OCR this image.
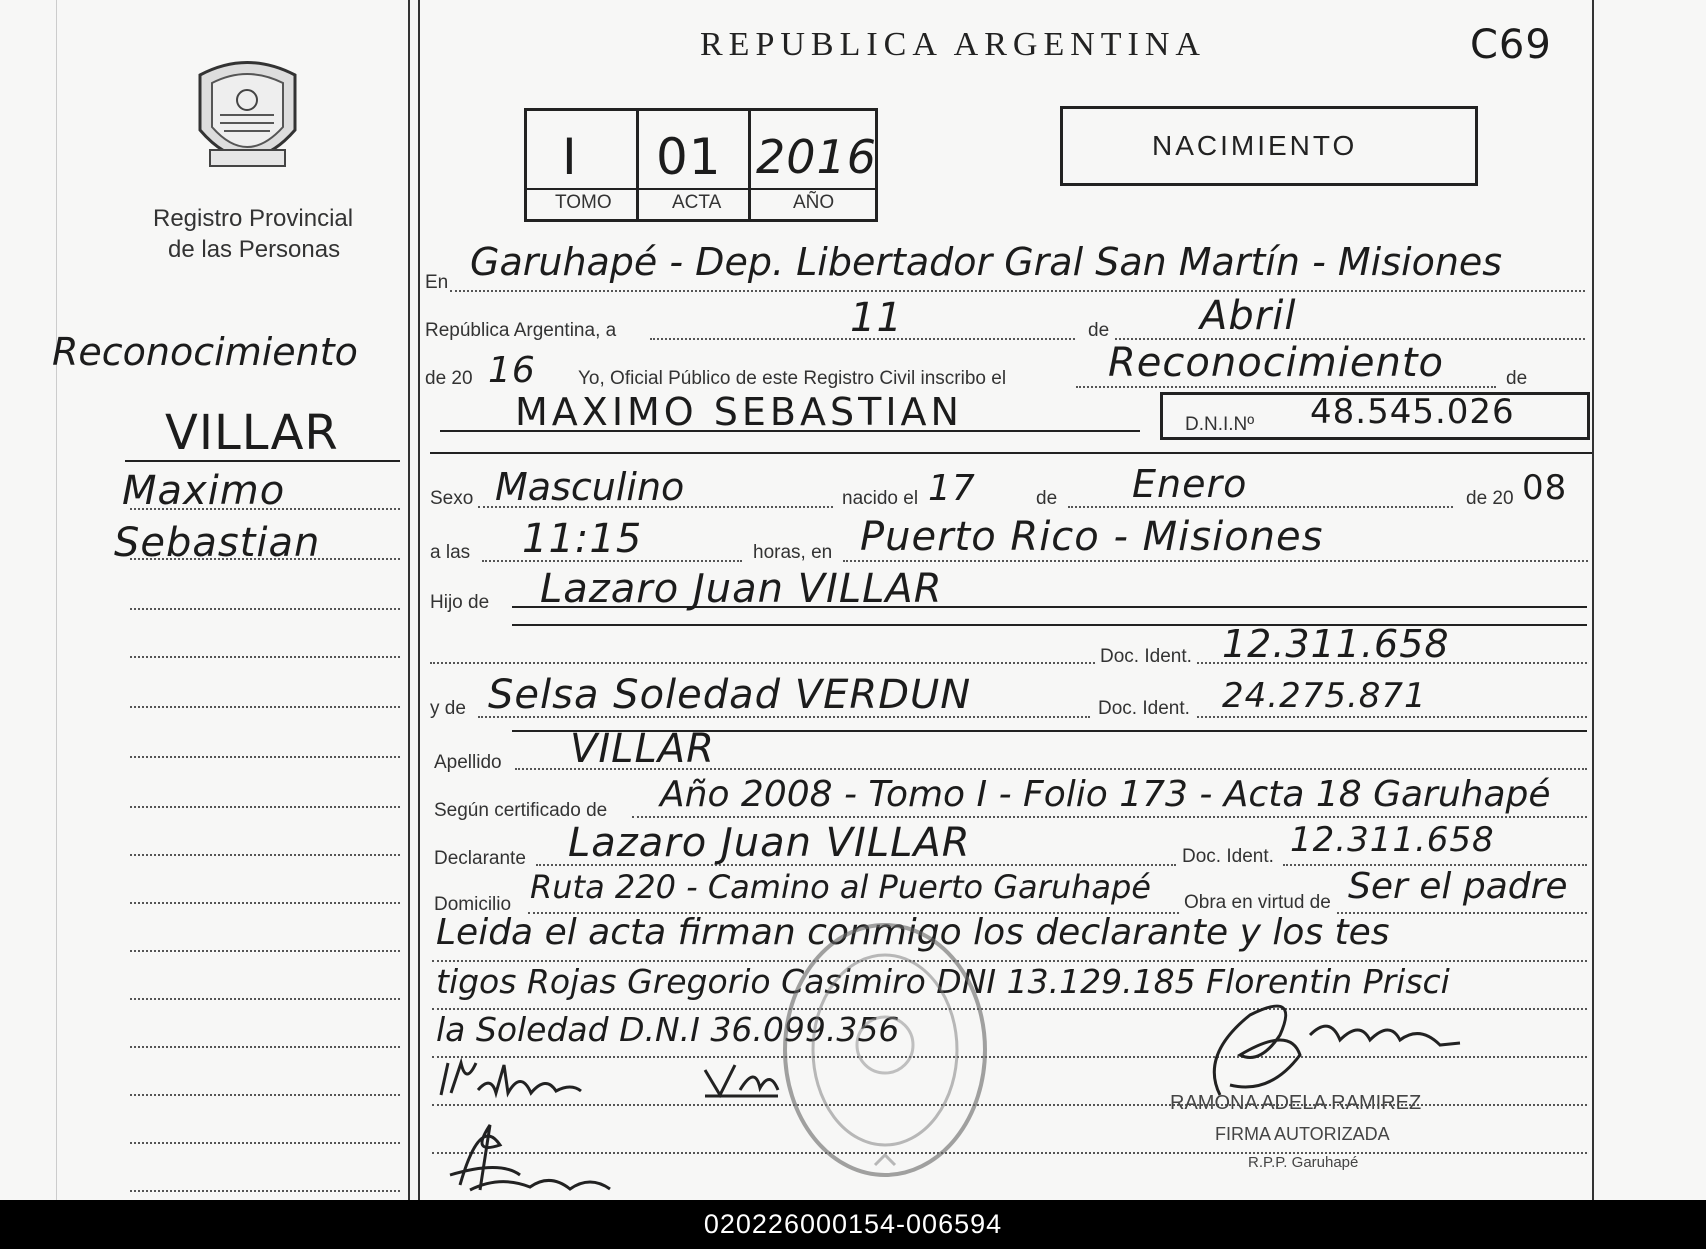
Registro Provincial
de las Personas
Reconocimiento
VILLAR
Maximo
Sebastian
REPUBLICA ARGENTINA	C69
I 01 2016
TOMO	ACTA	AÑO
NACIMIENTO
En Garuhapé - Dep. Libertador Gral San Martín - Misiones
República Argentina, a	11	de Abril
de 20 16 Yo, Oficial Público de este Registro Civil inscribo el	Reconocimiento	de
MAXIMO SEBASTIAN	D.N.I.Nº 48.545.026
Sexo Masculino	nacido el 17	de Enero	de 20 08
a las 11:15	horas, en Puerto Rico - Misiones
Hijo de Lazaro Juan VILLAR
Doc. Ident. 12.311.658
y de Selsa Soledad VERDUN	Doc. Ident. 24.275.871
Apellido VILLAR
Según certificado de Año 2008 - Tomo I - Folio 173 - Acta 18 Garuhapé
Declarante Lazaro Juan VILLAR	Doc. Ident. 12.311.658
Domicilio Ruta 220 - Camino al Puerto Garuhapé Obra en virtud de Ser el padre
Leida el acta firman conmigo los declarante y los tes
tigos Rojas Gregorio Casimiro DNI 13.129.185 Florentin Prisci
la Soledad D.N.I 36.099.356
RAMONA ADELA RAMIREZ
FIRMA AUTORIZADA
R.P.P. Garuhapé
020226000154-006594
